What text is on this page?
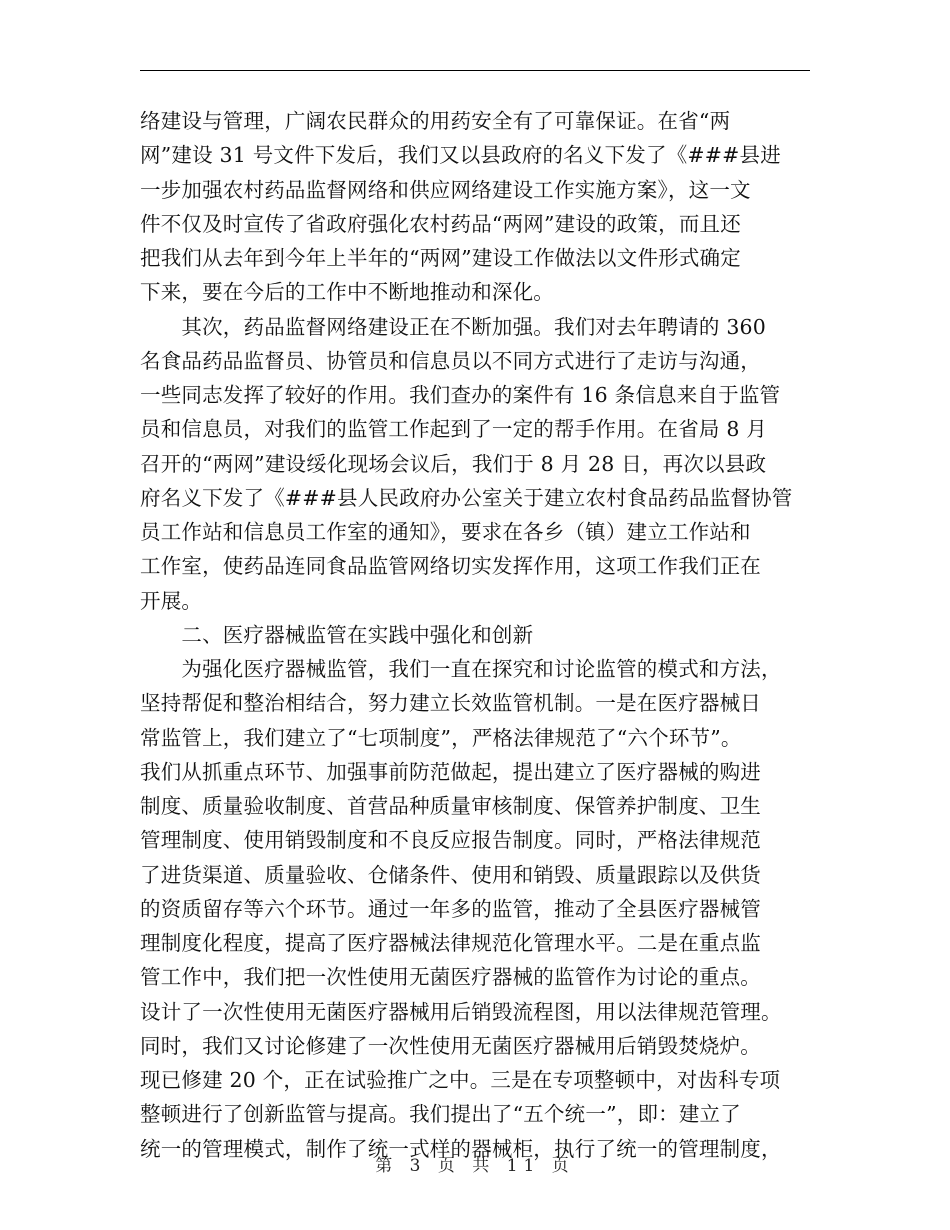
络建设与管理，广阔农民群众的用药安全有了可靠保证。在省“两
网”建设 31 号文件下发后，我们又以县政府的名义下发了《###县进
一步加强农村药品监督网络和供应网络建设工作实施方案》，这一文
件不仅及时宣传了省政府强化农村药品“两网”建设的政策，而且还
把我们从去年到今年上半年的“两网”建设工作做法以文件形式确定
下来，要在今后的工作中不断地推动和深化。
　　其次，药品监督网络建设正在不断加强。我们对去年聘请的 360
名食品药品监督员、协管员和信息员以不同方式进行了走访与沟通，
一些同志发挥了较好的作用。我们查办的案件有 16 条信息来自于监管
员和信息员，对我们的监管工作起到了一定的帮手作用。在省局 8 月
召开的“两网”建设绥化现场会议后，我们于 8 月 28 日，再次以县政
府名义下发了《###县人民政府办公室关于建立农村食品药品监督协管
员工作站和信息员工作室的通知》，要求在各乡（镇）建立工作站和
工作室，使药品连同食品监管网络切实发挥作用，这项工作我们正在
开展。
　　二、医疗器械监管在实践中强化和创新
　　为强化医疗器械监管，我们一直在探究和讨论监管的模式和方法，
坚持帮促和整治相结合，努力建立长效监管机制。一是在医疗器械日
常监管上，我们建立了“七项制度”，严格法律规范了“六个环节”。
我们从抓重点环节、加强事前防范做起，提出建立了医疗器械的购进
制度、质量验收制度、首营品种质量审核制度、保管养护制度、卫生
管理制度、使用销毁制度和不良反应报告制度。同时，严格法律规范
了进货渠道、质量验收、仓储条件、使用和销毁、质量跟踪以及供货
的资质留存等六个环节。通过一年多的监管，推动了全县医疗器械管
理制度化程度，提高了医疗器械法律规范化管理水平。二是在重点监
管工作中，我们把一次性使用无菌医疗器械的监管作为讨论的重点。
设计了一次性使用无菌医疗器械用后销毁流程图，用以法律规范管理。
同时，我们又讨论修建了一次性使用无菌医疗器械用后销毁焚烧炉。
现已修建 20 个，正在试验推广之中。三是在专项整顿中，对齿科专项
整顿进行了创新监管与提高。我们提出了“五个统一”，即：建立了
统一的管理模式，制作了统一式样的器械柜，执行了统一的管理制度，
第 3 页 共 11 页
